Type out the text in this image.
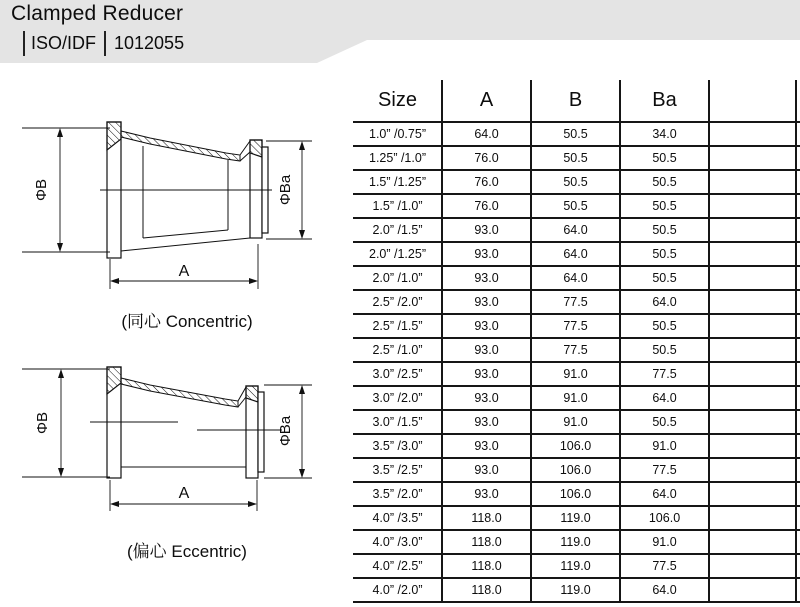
Clamped Reducer
ISO/IDF 1012055
ΦB	ΦBa
A
(同心 Concentric)
ΦB	ΦBa
A
(偏心 Eccentric)
Size	A	B	Ba
1.0” /0.75”	64.0	50.5	34.0
1.25” /1.0”	76.0	50.5	50.5
1.5” /1.25”	76.0	50.5	50.5
1.5” /1.0”	76.0	50.5	50.5
2.0” /1.5”	93.0	64.0	50.5
2.0” /1.25”	93.0	64.0	50.5
2.0” /1.0”	93.0	64.0	50.5
2.5” /2.0”	93.0	77.5	64.0
2.5” /1.5”	93.0	77.5	50.5
2.5” /1.0”	93.0	77.5	50.5
3.0” /2.5”	93.0	91.0	77.5
3.0” /2.0”	93.0	91.0	64.0
3.0” /1.5”	93.0	91.0	50.5
3.5” /3.0”	93.0	106.0	91.0
3.5” /2.5”	93.0	106.0	77.5
3.5” /2.0”	93.0	106.0	64.0
4.0” /3.5”	118.0	119.0	106.0
4.0” /3.0”	118.0	119.0	91.0
4.0” /2.5”	118.0	119.0	77.5
4.0” /2.0”	118.0	119.0	64.0
